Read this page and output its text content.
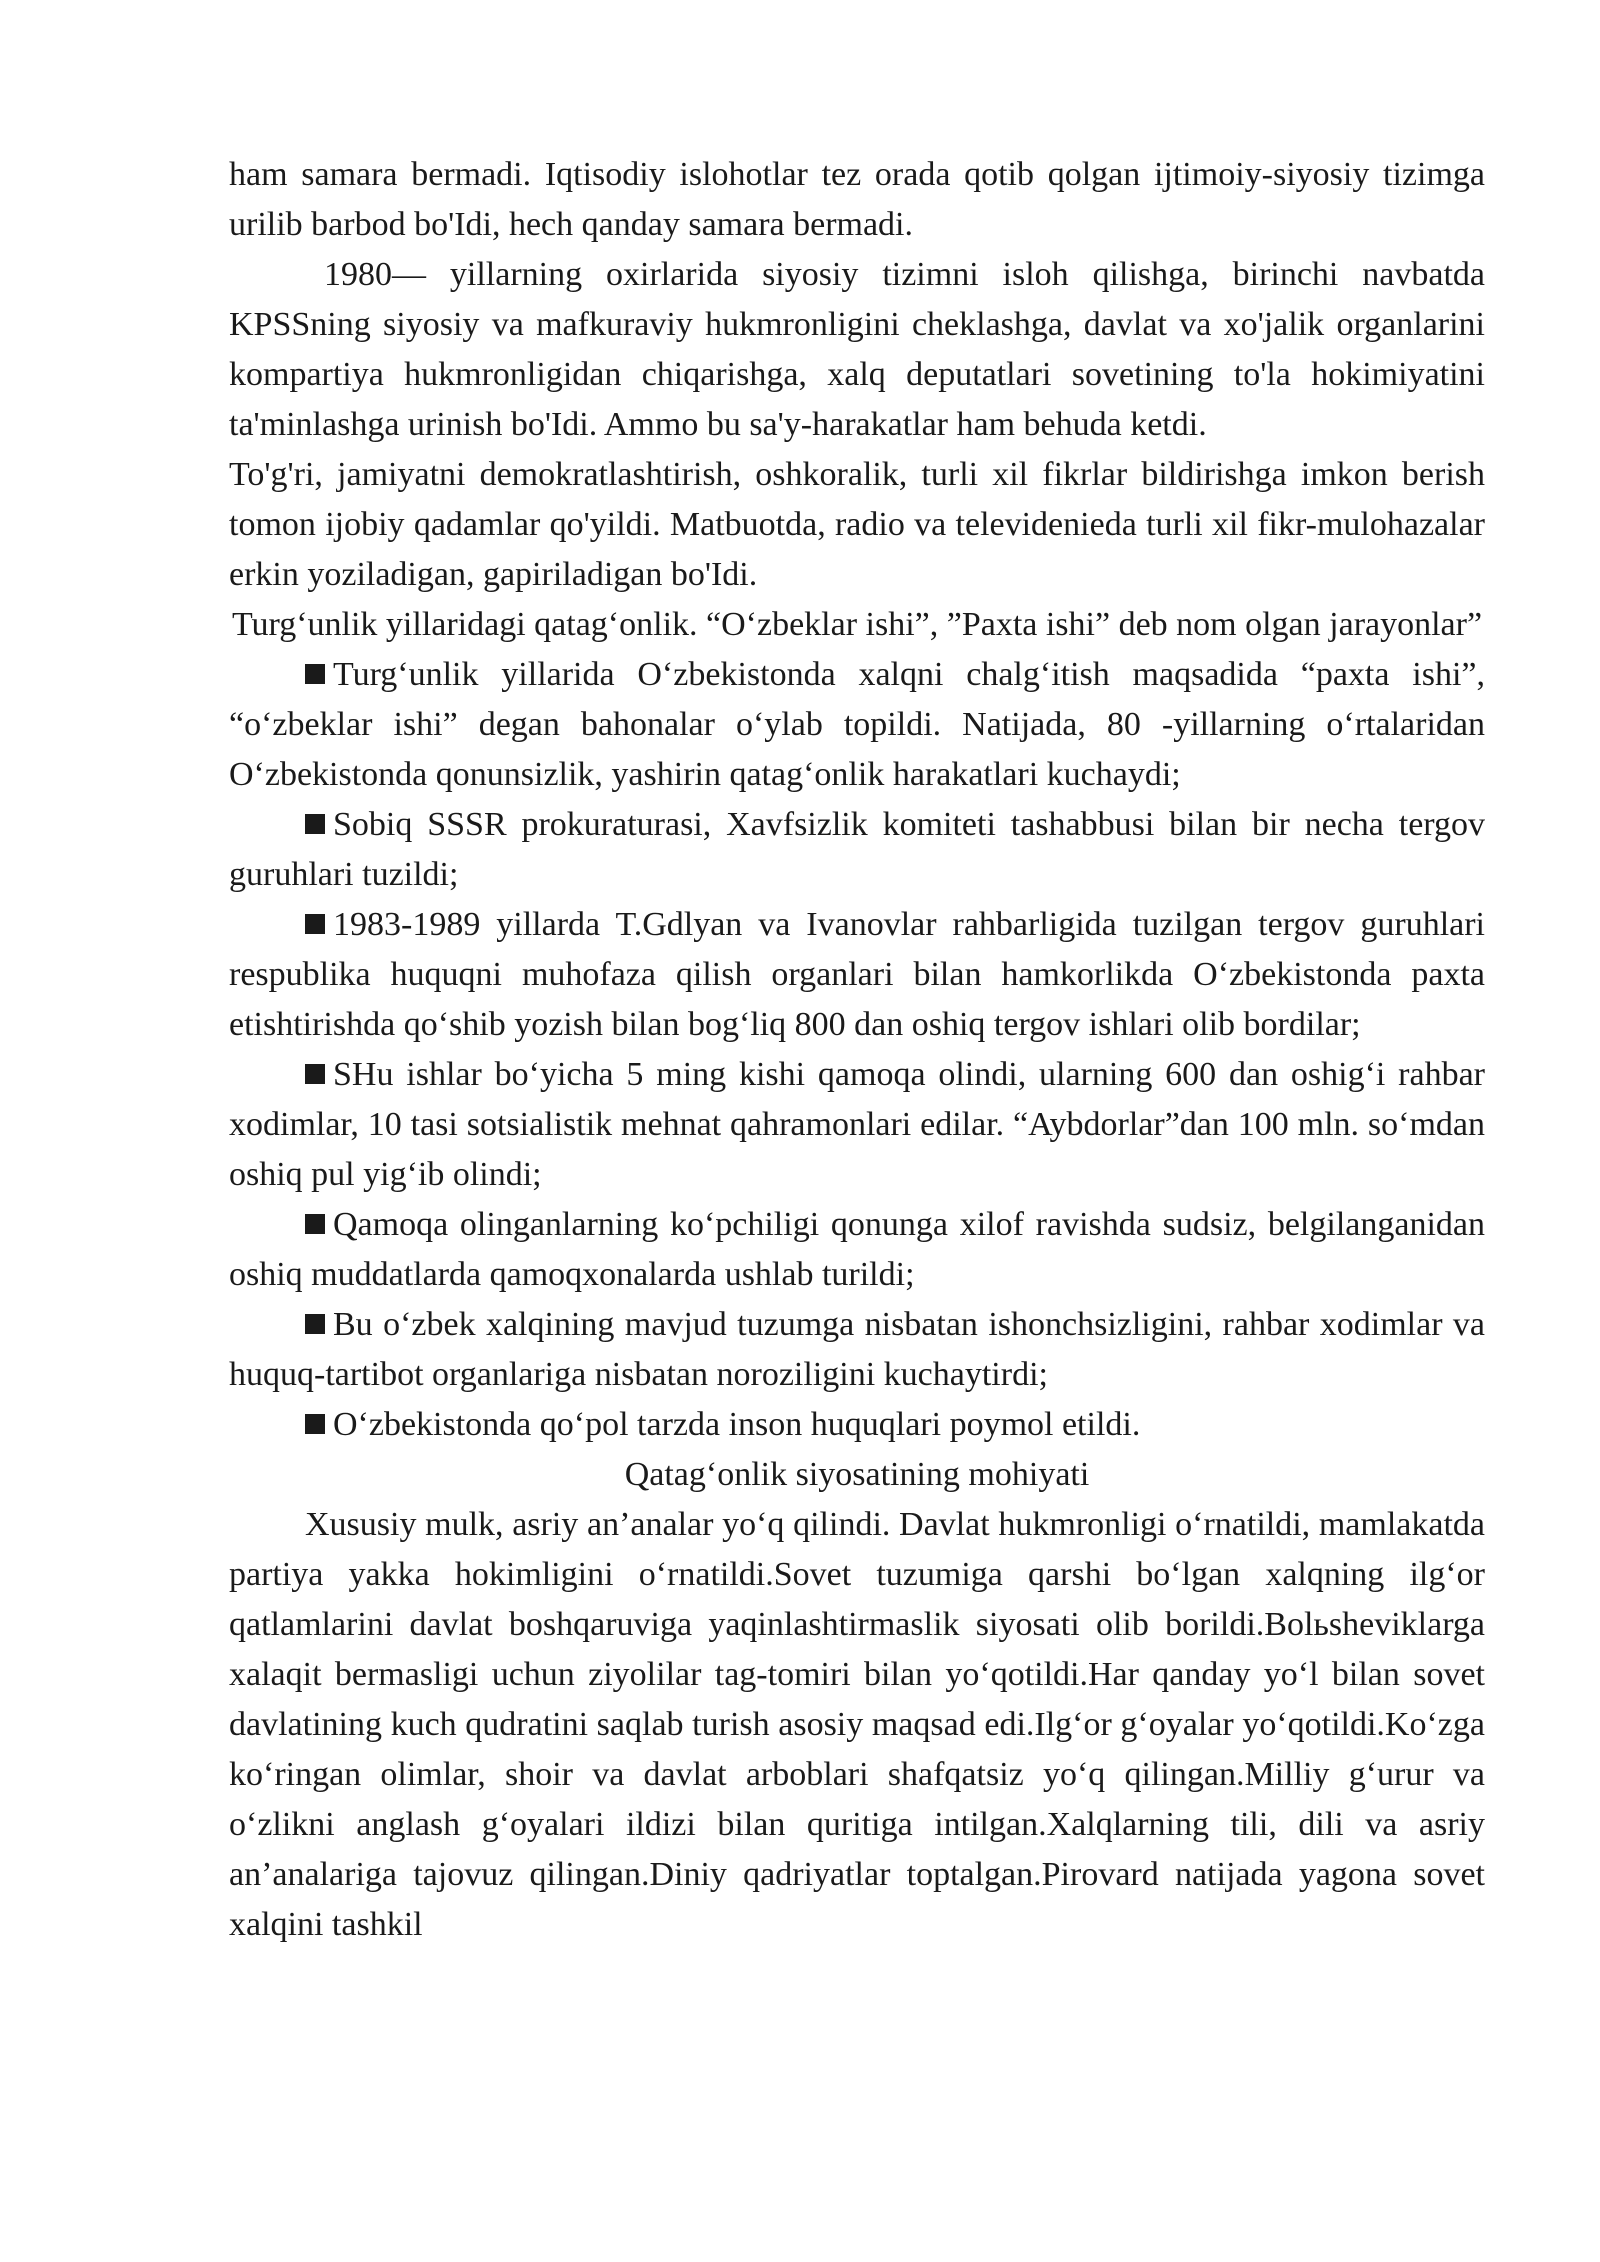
ham samara bermadi. Iqtisodiy islohotlar tez orada qotib qolgan ijtimoiy-siyosiy tizimga urilib barbod bo'Idi, hech qanday samara bermadi.

1980— yillarning oxirlarida siyosiy tizimni isloh qilishga, birinchi navbatda KPSSning siyosiy va mafkuraviy hukmronligini cheklashga, davlat va xo'jalik organlarini kompartiya hukmronligidan chiqarishga, xalq deputatlari sovetining to'la hokimiyatini ta'minlashga urinish bo'Idi. Ammo bu sa'y-harakatlar ham behuda ketdi.

To'g'ri, jamiyatni demokratlashtirish, oshkoralik, turli xil fikrlar bildirishga imkon berish tomon ijobiy qadamlar qo'yildi. Matbuotda, radio va televidenieda turli xil fikr-mulohazalar erkin yoziladigan, gapiriladigan bo'Idi.

Turg‘unlik yillaridagi qatag‘onlik. “O‘zbeklar ishi”, ”Paxta ishi” deb nom olgan jarayonlar”

Turg‘unlik yillarida O‘zbekistonda xalqni chalg‘itish maqsadida “paxta ishi”, “o‘zbeklar ishi” degan bahonalar o‘ylab topildi. Natijada, 80 -yillarning o‘rtalaridan O‘zbekistonda qonunsizlik, yashirin qatag‘onlik harakatlari kuchaydi;

Sobiq SSSR prokuraturasi, Xavfsizlik komiteti tashabbusi bilan bir necha tergov guruhlari tuzildi;

1983-1989 yillarda T.Gdlyan va Ivanovlar rahbarligida tuzilgan tergov guruhlari respublika huquqni muhofaza qilish organlari bilan hamkorlikda O‘zbekistonda paxta etishtirishda qo‘shib yozish bilan bog‘liq 800 dan oshiq tergov ishlari olib bordilar;

SHu ishlar bo‘yicha 5 ming kishi qamoqa olindi, ularning 600 dan oshig‘i rahbar xodimlar, 10 tasi sotsialistik mehnat qahramonlari edilar. “Aybdorlar”dan 100 mln. so‘mdan oshiq pul yig‘ib olindi;

Qamoqa olinganlarning ko‘pchiligi qonunga xilof ravishda sudsiz, belgilanganidan oshiq muddatlarda qamoqxonalarda ushlab turildi;

Bu o‘zbek xalqining mavjud tuzumga nisbatan ishonchsizligini, rahbar xodimlar va huquq-tartibot organlariga nisbatan noroziligini kuchaytirdi;

O‘zbekistonda qo‘pol tarzda inson huquqlari poymol etildi.

Qatag‘onlik siyosatining mohiyati

Xususiy mulk, asriy an’analar yo‘q qilindi. Davlat hukmronligi o‘rnatildi, mamlakatda partiya yakka hokimligini o‘rnatildi.Sovet tuzumiga qarshi bo‘lgan xalqning ilg‘or qatlamlarini davlat boshqaruviga yaqinlashtirmaslik siyosati olib borildi.Bolьsheviklarga xalaqit bermasligi uchun ziyolilar tag-tomiri bilan yo‘qotildi.Har qanday yo‘l bilan sovet davlatining kuch qudratini saqlab turish asosiy maqsad edi.Ilg‘or g‘oyalar yo‘qotildi.Ko‘zga ko‘ringan olimlar, shoir va davlat arboblari shafqatsiz yo‘q qilingan.Milliy g‘urur va o‘zlikni anglash g‘oyalari ildizi bilan quritiga intilgan.Xalqlarning tili, dili va asriy an’analariga tajovuz qilingan.Diniy qadriyatlar toptalgan.Pirovard natijada yagona sovet xalqini tashkil
